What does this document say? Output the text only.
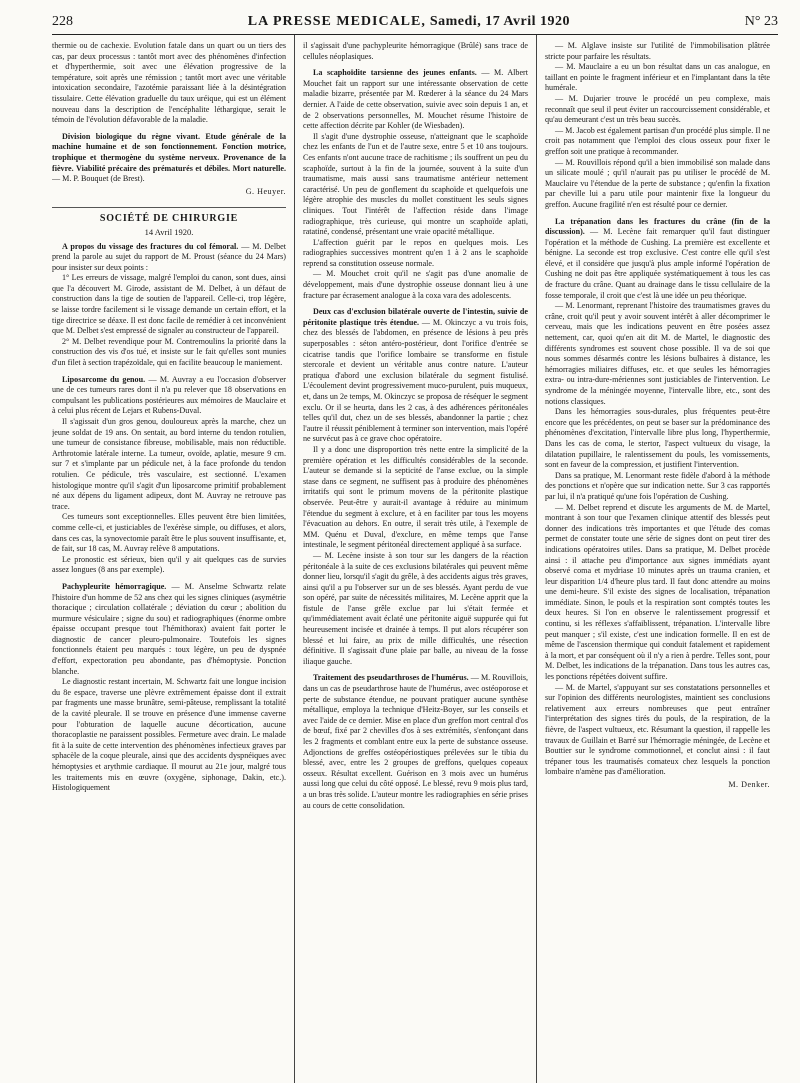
228	LA PRESSE MEDICALE, Samedi, 17 Avril 1920	N° 23

thermie ou de cachexie. Evolution fatale dans un quart ou un tiers des cas, par deux processus : tantôt mort avec des phénomènes d'infection et d'hyperthermie, soit avec une élévation progressive de la température, soit après une rémission ; tantôt mort avec une véritable intoxication secondaire, l'azotémie paraissant liée à la désintégration tissulaire. Cette élévation graduelle du taux uréique, qui est un élément nouveau dans la description de l'encéphalite léthargique, serait le témoin de l'évolution défavorable de la maladie.

Division biologique du règne vivant. Etude générale de la machine humaine et de son fonctionnement. Fonction motrice, trophique et thermogène du système nerveux. Provenance de la fièvre. Viabilité précaire des prématurés et débiles. Mort naturelle. — M. P. Bouquet (de Brest).

G. Heuyer.
SOCIÉTÉ DE CHIRURGIE
14 Avril 1920.

A propos du vissage des fractures du col fémoral. — M. Delbet prend la parole au sujet du rapport de M. Proust (séance du 24 Mars) pour insister sur deux points :

1° Les erreurs de vissage, malgré l'emploi du canon, sont dues, ainsi que l'a découvert M. Girode, assistant de M. Delbet, à un défaut de construction dans la tige de soutien de l'appareil. Celle-ci, trop légère, se laisse tordre facilement si le vissage demande un certain effort, et la tige directrice se déaxe. Il est donc facile de remédier à cet inconvénient que M. Delbet s'est empressé de signaler au constructeur de l'appareil.

2° M. Delbet revendique pour M. Contremoulins la priorité dans la construction des vis d'os tué, et insiste sur le fait qu'elles sont munies d'un filet à section trapézoïdale, qui en facilite beaucoup le maniement.

Liposarcome du genou. — M. Auvray a eu l'occasion d'observer une de ces tumeurs rares dont il n'a pu relever que 18 observations en compulsant les publications postérieures aux mémoires de Mauclaire et à celui plus récent de Lejars et Rubens-Duval.

Il s'agissait d'un gros genou, douloureux après la marche, chez un jeune soldat de 19 ans. On sentait, au bord interne du tendon rotulien, une tumeur de consistance fibreuse, mobilisable, mais non réductible. Arthrotomie latérale interne. La tumeur, ovoïde, aplatie, mesure 9 cm. sur 7 et s'implante par un pédicule net, à la face profonde du tendon rotulien. Ce pédicule, très vasculaire, est sectionné. L'examen histologique montre qu'il s'agit d'un liposarcome primitif probablement né aux dépens du ligament adipeux, dont M. Auvray ne retrouve pas trace.

Ces tumeurs sont exceptionnelles. Elles peuvent être bien limitées, comme celle-ci, et justiciables de l'exérèse simple, ou diffuses, et alors, dans ces cas, la synovectomie paraît être le plus souvent insuffisante, et, de fait, sur 18 cas, M. Auvray relève 8 amputations.

Le pronostic est sérieux, bien qu'il y ait quelques cas de survies assez longues (8 ans par exemple).

Pachypleurite hémorragique. — M. Anselme Schwartz relate l'histoire d'un homme de 52 ans chez qui les signes cliniques (asymétrie thoracique ; circulation collatérale ; déviation du cœur ; abolition du murmure vésiculaire ; signe du sou) et radiographiques (énorme ombre épaisse occupant presque tout l'hémithorax) avaient fait porter le diagnostic de cancer pleuro-pulmonaire. Toutefois les signes fonctionnels étaient peu marqués : toux légère, un peu de dyspnée d'effort, expectoration peu abondante, pas d'hémoptysie. Ponction blanche.

Le diagnostic restant incertain, M. Schwartz fait une longue incision du 8e espace, traverse une plèvre extrêmement épaisse dont il extrait par fragments une masse brunâtre, semi-pâteuse, remplissant la totalité de la cavité pleurale. Il se trouve en présence d'une immense caverne pour l'obturation de laquelle aucune décortication, aucune thoracoplastie ne paraissent possibles. Fermeture avec drain. Le malade fit à la suite de cette intervention des phénomènes infectieux graves par sphacèle de la coque pleurale, ainsi que des accidents dyspnéiques avec hémoptysies et arythmie cardiaque. Il mourut au 21e jour, malgré tous les traitements mis en œuvre (oxygène, siphonage, Dakin, etc.). Histologiquement

il s'agissait d'une pachypleurite hémorragique (Brûlé) sans trace de cellules néoplasiques.

La scaphoïdite tarsienne des jeunes enfants. — M. Albert Mouchet fait un rapport sur une intéressante observation de cette maladie bizarre, présentée par M. Rœderer à la séance du 24 Mars dernier. A l'aide de cette observation, suivie avec soin depuis 1 an, et de 2 observations personnelles, M. Mouchet résume l'histoire de cette affection décrite par Kohler (de Wiesbaden).

Il s'agit d'une dystrophie osseuse, n'atteignant que le scaphoïde chez les enfants de l'un et de l'autre sexe, entre 5 et 10 ans toujours. Ces enfants n'ont aucune trace de rachitisme ; ils souffrent un peu du scaphoïde, surtout à la fin de la journée, souvent à la suite d'un traumatisme, mais aussi sans traumatisme antérieur nettement caractérisé. Un peu de gonflement du scaphoïde et quelquefois une légère atrophie des muscles du mollet constituent les seuls signes cliniques. Tout l'intérêt de l'affection réside dans l'image radiographique, très curieuse, qui montre un scaphoïde aplati, ratatiné, condensé, présentant une vraie opacité métallique.

L'affection guérit par le repos en quelques mois. Les radiographies successives montrent qu'en 1 à 2 ans le scaphoïde reprend sa constitution osseuse normale.

— M. Mouchet croit qu'il ne s'agit pas d'une anomalie de développement, mais d'une dystrophie osseuse donnant lieu à une fracture par écrasement analogue à la coxa vara des adolescents.

Deux cas d'exclusion bilatérale ouverte de l'intestin, suivie de péritonite plastique très étendue. — M. Okinczyc a vu trois fois, chez des blessés de l'abdomen, en présence de lésions à peu près superposables : séton antéro-postérieur, dont l'orifice d'entrée se cicatrise tandis que l'orifice lombaire se transforme en fistule stercorale et devient un véritable anus contre nature. L'auteur pratiqua d'abord une exclusion bilatérale du segment fistulisé. L'écoulement devint progressivement muco-purulent, puis muqueux, et, dans un 2e temps, M. Okinczyc se proposa de réséquer le segment exclu. Or il se heurta, dans les 2 cas, à des adhérences péritonéales telles qu'il dut, chez un de ses blessés, abandonner la partie ; chez l'autre il réussit péniblement à terminer son intervention, mais l'opéré ne survécut pas à ce grave choc opératoire.

Il y a donc une disproportion très nette entre la simplicité de la première opération et les difficultés considérables de la seconde. L'auteur se demande si la septicité de l'anse exclue, ou la simple stase dans ce segment, ne suffisent pas à produire des phénomènes irritatifs qui sont le primum movens de la péritonite plastique observée. Peut-être y aurait-il avantage à réduire au minimum l'étendue du segment à exclure, et à en faciliter par tous les moyens l'évacuation au dehors. En outre, il serait très utile, à l'exemple de MM. Quénu et Duval, d'exclure, en même temps que l'anse intestinale, le segment péritonéal directement appliqué à sa surface.

— M. Lecène insiste à son tour sur les dangers de la réaction péritonéale à la suite de ces exclusions bilatérales qui peuvent même donner lieu, lorsqu'il s'agit du grêle, à des accidents aigus très graves, ainsi qu'il a pu l'observer sur un de ses blessés. Ayant perdu de vue son opéré, par suite de nécessités militaires, M. Lecène apprit que la fistule de l'anse grêle exclue par lui s'était fermée et qu'immédiatement avait éclaté une péritonite aiguë suppurée qui fut heureusement incisée et drainée à temps. Il put alors récupérer son blessé et lui faire, au prix de mille difficultés, une résection définitive. Il s'agissait d'une plaie par balle, au niveau de la fosse iliaque gauche.

Traitement des pseudarthroses de l'humérus. — M. Rouvillois, dans un cas de pseudarthrose haute de l'humérus, avec ostéoporose et perte de substance étendue, ne pouvant pratiquer aucune synthèse métallique, employa la technique d'Heitz-Boyer, sur les conseils et avec l'aide de ce dernier. Mise en place d'un greffon mort central d'os de bœuf, fixé par 2 chevilles d'os à ses extrémités, s'enfonçant dans les 2 fragments et comblant entre eux la perte de substance osseuse. Adjonctions de greffes ostéopériostiques prélevées sur le tibia du blessé, avec, entre les 2 groupes de greffons, quelques copeaux osseux. Résultat excellent. Guérison en 3 mois avec un humérus aussi long que celui du côté opposé. Le blessé, revu 9 mois plus tard, a un bras très solide. L'auteur montre les radiographies en série prises au cours de cette consolidation.

— M. Alglave insiste sur l'utilité de l'immobilisation plâtrée stricte pour parfaire les résultats.

— M. Mauclaire a eu un bon résultat dans un cas analogue, en taillant en pointe le fragment inférieur et en l'implantant dans la tête humérale.

— M. Dujarier trouve le procédé un peu complexe, mais reconnaît que seul il peut éviter un raccourcissement considérable, et qu'au demeurant c'est un très beau succès.

— M. Jacob est également partisan d'un procédé plus simple. Il ne croit pas notamment que l'emploi des clous osseux pour fixer le greffon soit une pratique à recommander.

— M. Rouvillois répond qu'il a bien immobilisé son malade dans un silicate moulé ; qu'il n'aurait pas pu utiliser le procédé de M. Mauclaire vu l'étendue de la perte de substance ; qu'enfin la fixation par cheville lui a paru utile pour maintenir fixe la longueur du greffon. Aucune fragilité n'en est résulté pour ce dernier.

La trépanation dans les fractures du crâne (fin de la discussion). — M. Lecène fait remarquer qu'il faut distinguer l'opération et la méthode de Cushing. La première est excellente et bénigne. La seconde est trop exclusive. C'est contre elle qu'il s'est élevé, et il considère que jusqu'à plus ample informé l'opération de Cushing ne doit pas être appliquée systématiquement à tous les cas de fracture du crâne. Quant au drainage dans le tissu cellulaire de la fosse temporale, il croit que c'est là une idée un peu théorique.

— M. Lenormant, reprenant l'histoire des traumatismes graves du crâne, croit qu'il peut y avoir souvent intérêt à aller décomprimer le cerveau, mais que les indications peuvent en être posées assez nettement, car, quoi qu'en ait dit M. de Martel, le diagnostic des différents syndromes est souvent chose possible. Il va de soi que nous sommes désarmés contre les lésions bulbaires à distance, les hémorragies miliaires diffuses, etc. et que seules les hémorragies extra- ou intra-dure-mériennes sont justiciables de l'intervention. Le syndrome de la méningée moyenne, l'intervalle libre, etc., sont des notions classiques.

Dans les hémorragies sous-durales, plus fréquentes peut-être encore que les précédentes, on peut se baser sur la prédominance des phénomènes d'excitation, l'intervalle libre plus long, l'hyperthermie, Dans les cas de coma, le stertor, l'aspect vultueux du visage, la dilatation pupillaire, le ralentissement du pouls, les vomissements, sont en faveur de la compression, et justifient l'intervention.

Dans sa pratique, M. Lenormant reste fidèle d'abord à la méthode des ponctions et n'opère que sur indication nette. Sur 3 cas rapportés par lui, il n'a pratiqué qu'une fois l'opération de Cushing.

— M. Delbet reprend et discute les arguments de M. de Martel, montrant à son tour que l'examen clinique attentif des blessés peut donner des indications très importantes et que l'étude des comas permet de constater toute une série de signes dont on peut tirer des indications opératoires utiles. Dans sa pratique, M. Delbet procède ainsi : il attache peu d'importance aux signes immédiats ayant observé coma et mydriase 10 minutes après un trauma cranien, et leur disparition 1/4 d'heure plus tard. Il faut donc attendre au moins une demi-heure. S'il existe des signes de localisation, trépanation immédiate. Sinon, le pouls et la respiration sont comptés toutes les deux heures. Si l'on en observe le ralentissement progressif et continu, si les réflexes s'affaiblissent, trépanation. L'intervalle libre peut manquer ; s'il existe, c'est une indication formelle. Il en est de même de l'ascension thermique qui conduit fatalement et rapidement à la mort, et par conséquent où il n'y a rien à perdre. Telles sont, pour M. Delbet, les indications de la trépanation. Dans tous les autres cas, les ponctions répétées doivent suffire.

— M. de Martel, s'appuyant sur ses constatations personnelles et sur l'opinion des différents neurologistes, maintient ses conclusions relativement aux erreurs nombreuses que peut entraîner l'interprétation des signes tirés du pouls, de la respiration, de la fièvre, de l'aspect vultueux, etc. Résumant la question, il rappelle les travaux de Guillain et Barré sur l'hémorragie méningée, de Lecène et Bouttier sur le syndrome commotionnel, et conclut ainsi : il faut trépaner tous les traumatisés comateux chez lesquels la ponction lombaire n'amène pas d'amélioration.

M. Denker.
